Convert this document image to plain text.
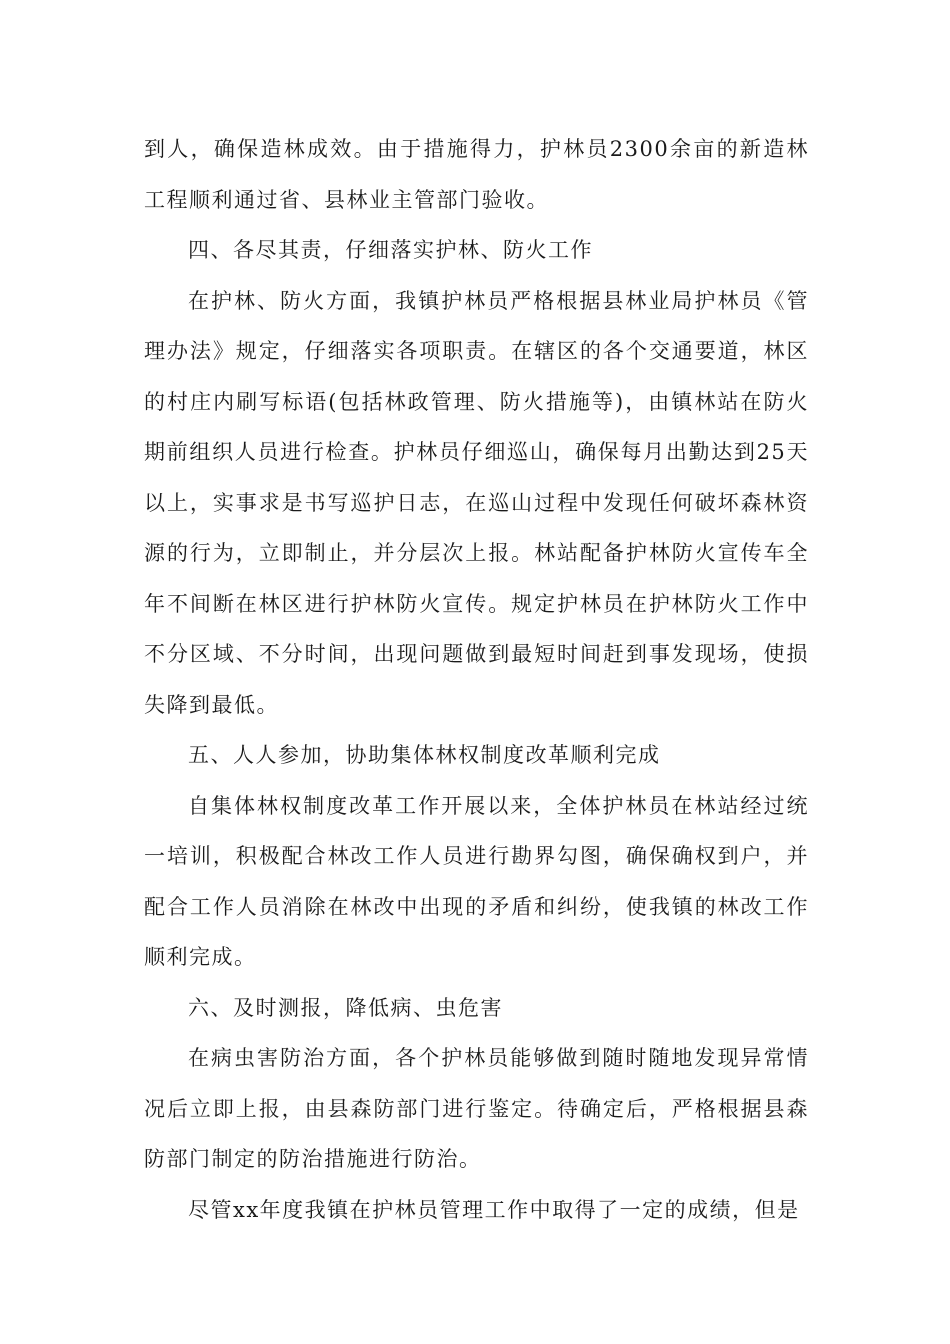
到人，确保造林成效。由于措施得力，护林员2300余亩的新造林工程顺利通过省、县林业主管部门验收。

四、各尽其责，仔细落实护林、防火工作

在护林、防火方面，我镇护林员严格根据县林业局护林员《管理办法》规定，仔细落实各项职责。在辖区的各个交通要道，林区的村庄内刷写标语(包括林政管理、防火措施等)，由镇林站在防火期前组织人员进行检查。护林员仔细巡山，确保每月出勤达到25天以上，实事求是书写巡护日志，在巡山过程中发现任何破坏森林资源的行为，立即制止，并分层次上报。林站配备护林防火宣传车全年不间断在林区进行护林防火宣传。规定护林员在护林防火工作中不分区域、不分时间，出现问题做到最短时间赶到事发现场，使损失降到最低。

五、人人参加，协助集体林权制度改革顺利完成

自集体林权制度改革工作开展以来，全体护林员在林站经过统一培训，积极配合林改工作人员进行勘界勾图，确保确权到户，并配合工作人员消除在林改中出现的矛盾和纠纷，使我镇的林改工作顺利完成。

六、及时测报，降低病、虫危害

在病虫害防治方面，各个护林员能够做到随时随地发现异常情况后立即上报，由县森防部门进行鉴定。待确定后，严格根据县森防部门制定的防治措施进行防治。

尽管xx年度我镇在护林员管理工作中取得了一定的成绩，但是
